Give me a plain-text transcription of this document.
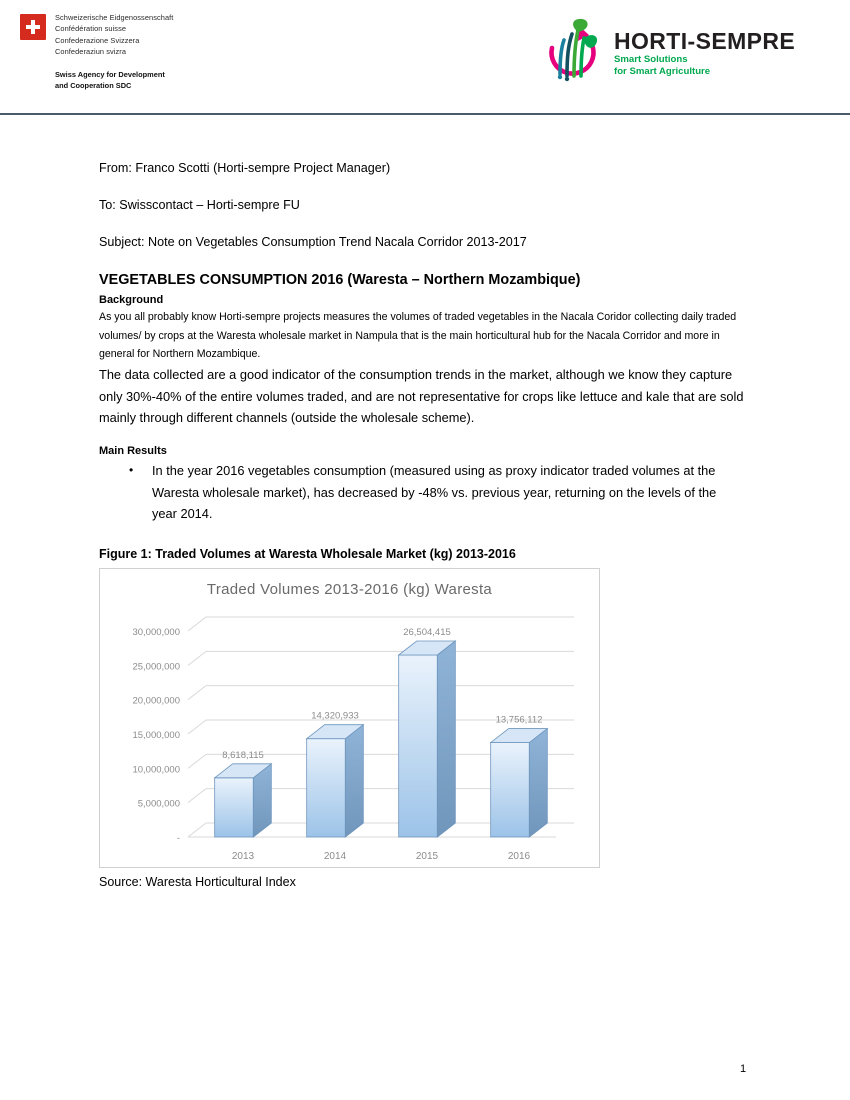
Schweizerische Eidgenossenschaft
Confédération suisse
Confederazione Svizzera
Confederaziun svizra
Swiss Agency for Development
and Cooperation SDC
HORTI-SEMPRE
Smart Solutions
for Smart Agriculture
From: Franco Scotti (Horti-sempre Project Manager)
To: Swisscontact – Horti-sempre FU
Subject: Note on Vegetables Consumption Trend Nacala Corridor 2013-2017
VEGETABLES CONSUMPTION 2016 (Waresta – Northern Mozambique)
Background

As you all probably know Horti-sempre projects measures the volumes of traded vegetables in the Nacala Coridor collecting daily traded volumes/ by crops at the Waresta wholesale market in Nampula that is the main horticultural hub for the Nacala Corridor and more in general for Northern Mozambique.

The data collected are a good indicator of the consumption trends in the market, although we know they capture only 30%-40% of the entire volumes traded, and are not representative for crops like lettuce and kale that are sold mainly through different channels (outside the wholesale scheme).

Main Results
• In the year 2016 vegetables consumption (measured using as proxy indicator traded volumes at the Waresta wholesale market), has decreased by -48% vs. previous year, returning on the levels of the year 2014.
Figure 1: Traded Volumes at Waresta Wholesale Market (kg) 2013-2016
Traded Volumes 2013-2016 (kg) Waresta
-
5,000,000
10,000,000
15,000,000
20,000,000
25,000,000
30,000,000
8,618,115
2013
14,320,933
2014
26,504,415
2015
13,756,112
2016
Source: Waresta Horticultural Index
1
